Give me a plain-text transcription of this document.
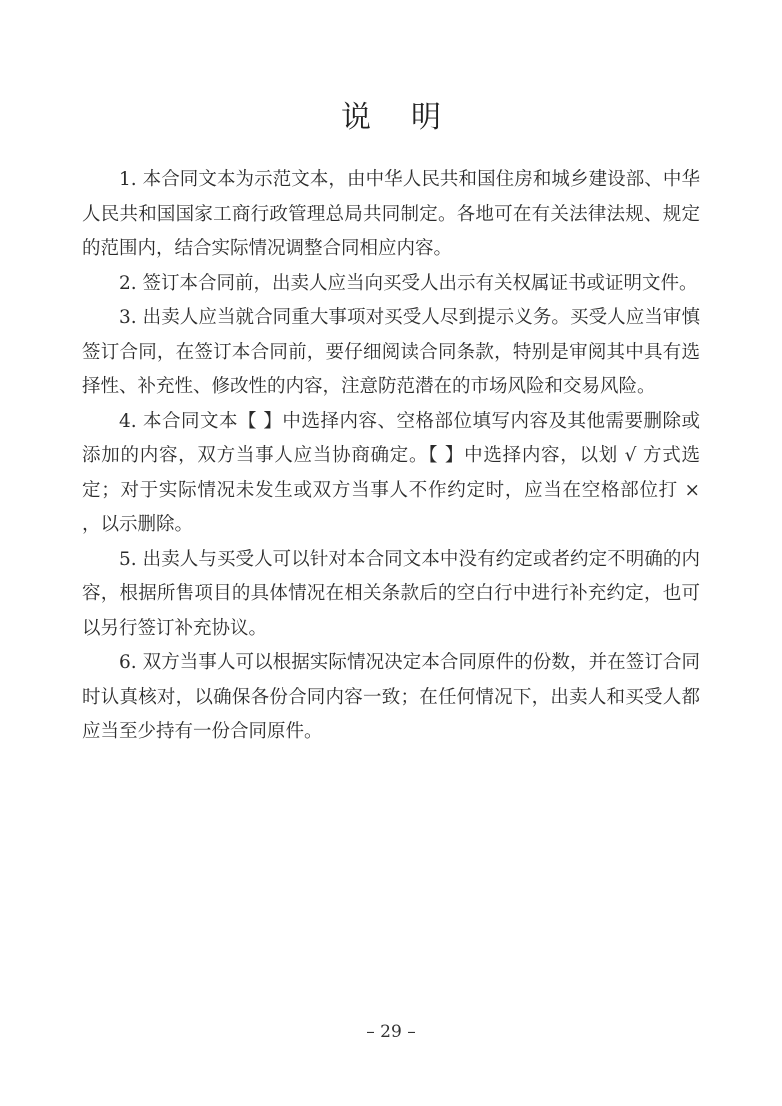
说明

1. 本合同文本为示范文本，由中华人民共和国住房和城乡建设部、中华人民共和国国家工商行政管理总局共同制定。各地可在有关法律法规、规定的范围内，结合实际情况调整合同相应内容。

2. 签订本合同前，出卖人应当向买受人出示有关权属证书或证明文件。

3. 出卖人应当就合同重大事项对买受人尽到提示义务。买受人应当审慎签订合同，在签订本合同前，要仔细阅读合同条款，特别是审阅其中具有选择性、补充性、修改性的内容，注意防范潜在的市场风险和交易风险。

4. 本合同文本【 】中选择内容、空格部位填写内容及其他需要删除或添加的内容，双方当事人应当协商确定。【 】中选择内容，以划 √ 方式选定；对于实际情况未发生或双方当事人不作约定时，应当在空格部位打 × ，以示删除。

5. 出卖人与买受人可以针对本合同文本中没有约定或者约定不明确的内容，根据所售项目的具体情况在相关条款后的空白行中进行补充约定，也可以另行签订补充协议。

6. 双方当事人可以根据实际情况决定本合同原件的份数，并在签订合同时认真核对，以确保各份合同内容一致；在任何情况下，出卖人和买受人都应当至少持有一份合同原件。

– 29 –
